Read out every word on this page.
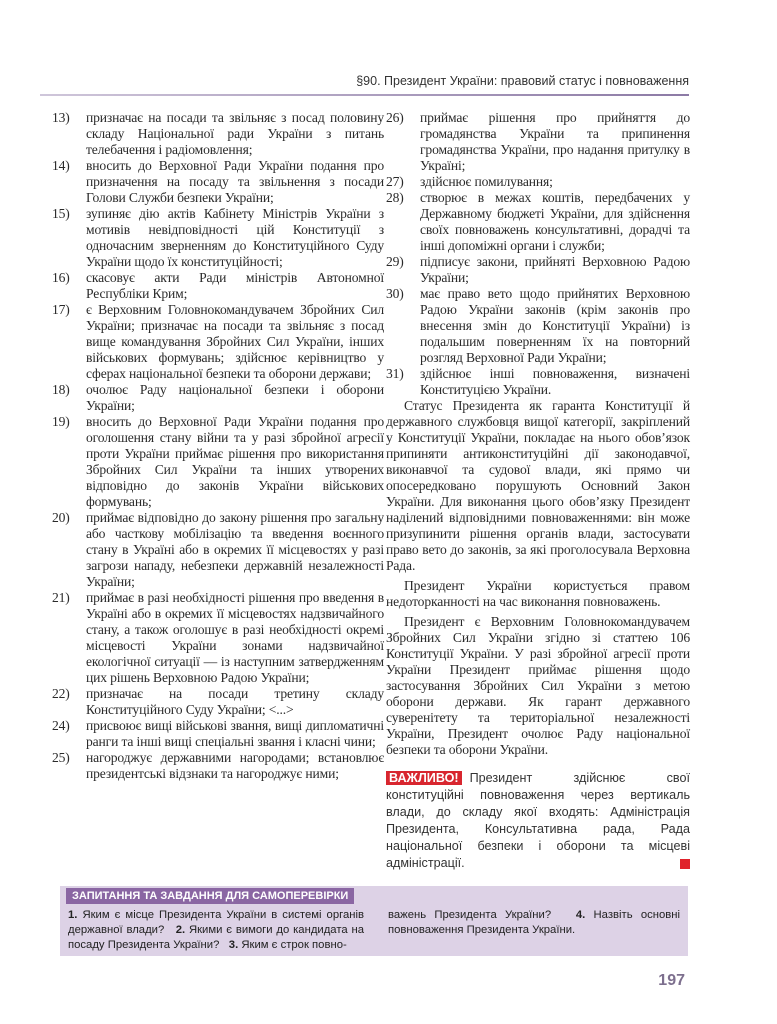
§90. Президент України: правовий статус і повноваження
13)	призначає на посади та звільняє з посад половину складу Національної ради України з питань телебачення і радіомовлення;
14)	вносить до Верховної Ради України подання про призначення на посаду та звільнення з посади Голови Служби безпеки України;
15)	зупиняє дію актів Кабінету Міністрів України з мотивів невідповідності цій Конституції з одночасним зверненням до Конституційного Суду України щодо їх конституційності;
16)	скасовує акти Ради міністрів Автономної Республіки Крим;
17)	є Верховним Головнокомандувачем Збройних Сил України; призначає на посади та звільняє з посад вище командування Збройних Сил України, інших військових формувань; здійснює керівництво у сферах національної безпеки та оборони держави;
18)	очолює Раду національної безпеки і оборони України;
19)	вносить до Верховної Ради України подання про оголошення стану війни та у разі збройної агресії проти України приймає рішення про використання Збройних Сил України та інших утворених відповідно до законів України військових формувань;
20)	приймає відповідно до закону рішення про загальну або часткову мобілізацію та введення воєнного стану в Україні або в окремих її місцевостях у разі загрози нападу, небезпеки державній незалежності України;
21)	приймає в разі необхідності рішення про введення в Україні або в окремих її місцевостях надзвичайного стану, а також оголошує в разі необхідності окремі місцевості України зонами надзвичайної екологічної ситуації — із наступним затвердженням цих рішень Верховною Радою України;
22)	призначає на посади третину складу Конституційного Суду України; <...>
24)	присвоює вищі військові звання, вищі дипломатичні ранги та інші вищі спеціальні звання і класні чини;
25)	нагороджує державними нагородами; встановлює президентські відзнаки та нагороджує ними;
26)	приймає рішення про прийняття до громадянства України та припинення громадянства України, про надання притулку в Україні;
27)	здійснює помилування;
28)	створює в межах коштів, передбачених у Державному бюджеті України, для здійснення своїх повноважень консультативні, дорадчі та інші допоміжні органи і служби;
29)	підписує закони, прийняті Верховною Радою України;
30)	має право вето щодо прийнятих Верховною Радою України законів (крім законів про внесення змін до Конституції України) із подальшим поверненням їх на повторний розгляд Верховної Ради України;
31)	здійснює інші повноваження, визначені Конституцією України.

Статус Президента як гаранта Конституції й державного службовця вищої категорії, закріплений у Конституції України, покладає на нього обов’язок припиняти антиконституційні дії законодавчої, виконавчої та судової влади, які прямо чи опосередковано порушують Основний Закон України. Для виконання цього обов’язку Президент наділений відповідними повноваженнями: він може призупинити рішення органів влади, застосувати право вето до законів, за які проголосувала Верховна Рада.

Президент України користується правом недоторканності на час виконання повноважень.

Президент є Верховним Головнокомандувачем Збройних Сил України згідно зі статтею 106 Конституції України. У разі збройної агресії проти України Президент приймає рішення щодо застосування Збройних Сил України з метою оборони держави. Як гарант державного суверенітету та територіальної незалежності України, Президент очолює Раду національної безпеки та оборони України.

ВАЖЛИВО! Президент здійснює свої конституційні повноваження через вертикаль влади, до складу якої входять: Адміністрація Президента, Консультативна рада, Рада національної безпеки і оборони та місцеві адміністрації.
ЗАПИТАННЯ ТА ЗАВДАННЯ ДЛЯ САМОПЕРЕВІРКИ
1. Яким є місце Президента України в системі органів державної влади? 2. Якими є вимоги до кандидата на посаду Президента України? 3. Яким є строк повно-
важень Президента України? 4. Назвіть основні повноваження Президента України.
197
